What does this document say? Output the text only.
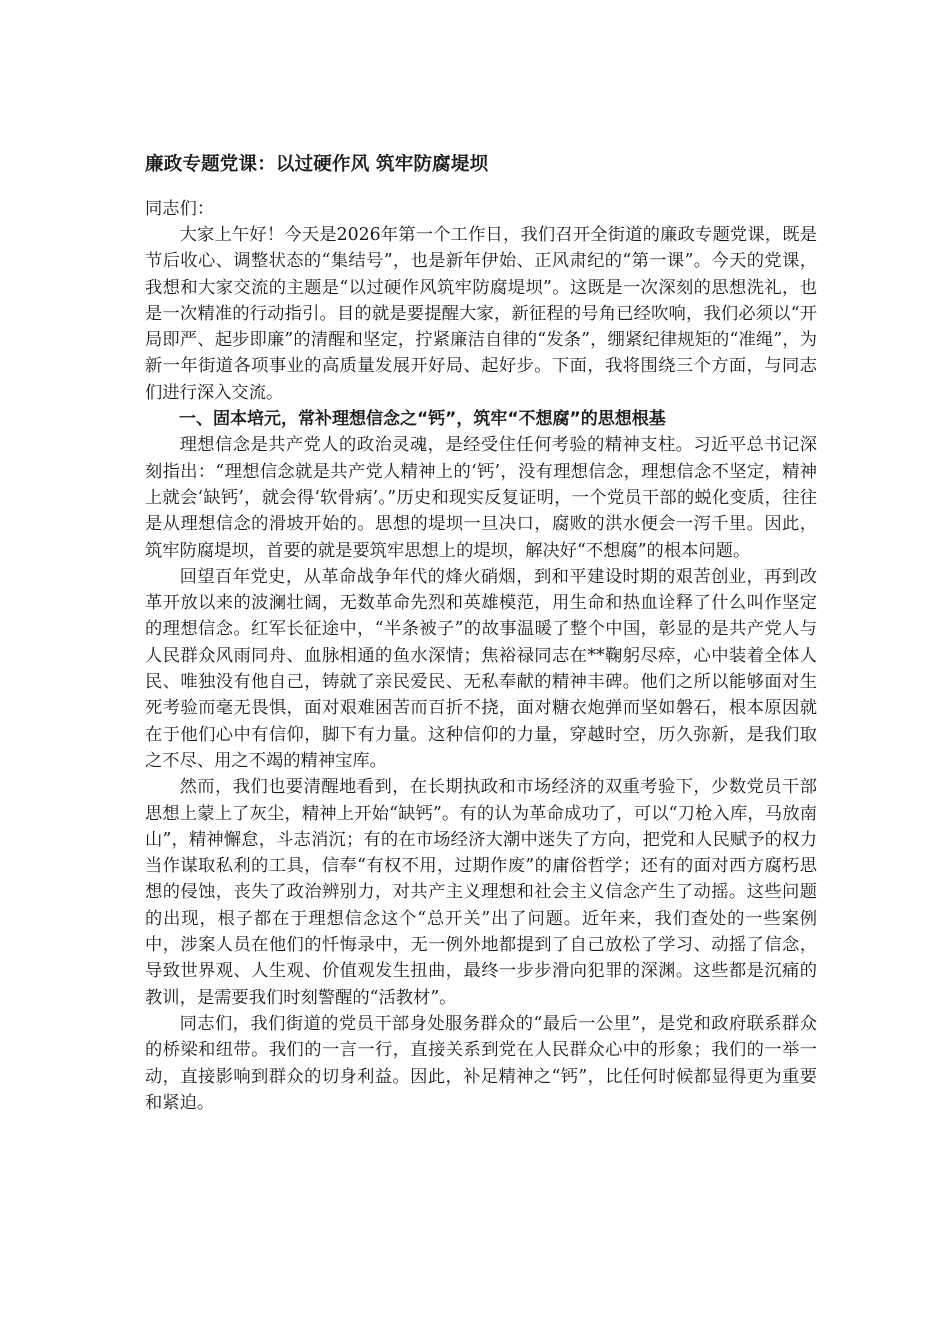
廉政专题党课：以过硬作风 筑牢防腐堤坝

同志们：

大家上午好！今天是2026年第一个工作日，我们召开全街道的廉政专题党课，既是节后收心、调整状态的“集结号”，也是新年伊始、正风肃纪的“第一课”。今天的党课，我想和大家交流的主题是“以过硬作风筑牢防腐堤坝”。这既是一次深刻的思想洗礼，也是一次精准的行动指引。目的就是要提醒大家，新征程的号角已经吹响，我们必须以“开局即严、起步即廉”的清醒和坚定，拧紧廉洁自律的“发条”，绷紧纪律规矩的“准绳”，为新一年街道各项事业的高质量发展开好局、起好步。下面，我将围绕三个方面，与同志们进行深入交流。

一、固本培元，常补理想信念之“钙”，筑牢“不想腐”的思想根基

理想信念是共产党人的政治灵魂，是经受住任何考验的精神支柱。习近平总书记深刻指出：“理想信念就是共产党人精神上的‘钙’，没有理想信念，理想信念不坚定，精神上就会‘缺钙’，就会得‘软骨病’。”历史和现实反复证明，一个党员干部的蜕化变质，往往是从理想信念的滑坡开始的。思想的堤坝一旦决口，腐败的洪水便会一泻千里。因此，筑牢防腐堤坝，首要的就是要筑牢思想上的堤坝，解决好“不想腐”的根本问题。

回望百年党史，从革命战争年代的烽火硝烟，到和平建设时期的艰苦创业，再到改革开放以来的波澜壮阔，无数革命先烈和英雄模范，用生命和热血诠释了什么叫作坚定的理想信念。红军长征途中，“半条被子”的故事温暖了整个中国，彰显的是共产党人与人民群众风雨同舟、血脉相通的鱼水深情；焦裕禄同志在**鞠躬尽瘁，心中装着全体人民、唯独没有他自己，铸就了亲民爱民、无私奉献的精神丰碑。他们之所以能够面对生死考验而毫无畏惧，面对艰难困苦而百折不挠，面对糖衣炮弹而坚如磐石，根本原因就在于他们心中有信仰，脚下有力量。这种信仰的力量，穿越时空，历久弥新，是我们取之不尽、用之不竭的精神宝库。

然而，我们也要清醒地看到，在长期执政和市场经济的双重考验下，少数党员干部思想上蒙上了灰尘，精神上开始“缺钙”。有的认为革命成功了，可以“刀枪入库，马放南山”，精神懈怠，斗志消沉；有的在市场经济大潮中迷失了方向，把党和人民赋予的权力当作谋取私利的工具，信奉“有权不用，过期作废”的庸俗哲学；还有的面对西方腐朽思想的侵蚀，丧失了政治辨别力，对共产主义理想和社会主义信念产生了动摇。这些问题的出现，根子都在于理想信念这个“总开关”出了问题。近年来，我们查处的一些案例中，涉案人员在他们的忏悔录中，无一例外地都提到了自己放松了学习、动摇了信念，导致世界观、人生观、价值观发生扭曲，最终一步步滑向犯罪的深渊。这些都是沉痛的教训，是需要我们时刻警醒的“活教材”。

同志们，我们街道的党员干部身处服务群众的“最后一公里”，是党和政府联系群众的桥梁和纽带。我们的一言一行，直接关系到党在人民群众心中的形象；我们的一举一动，直接影响到群众的切身利益。因此，补足精神之“钙”，比任何时候都显得更为重要和紧迫。
